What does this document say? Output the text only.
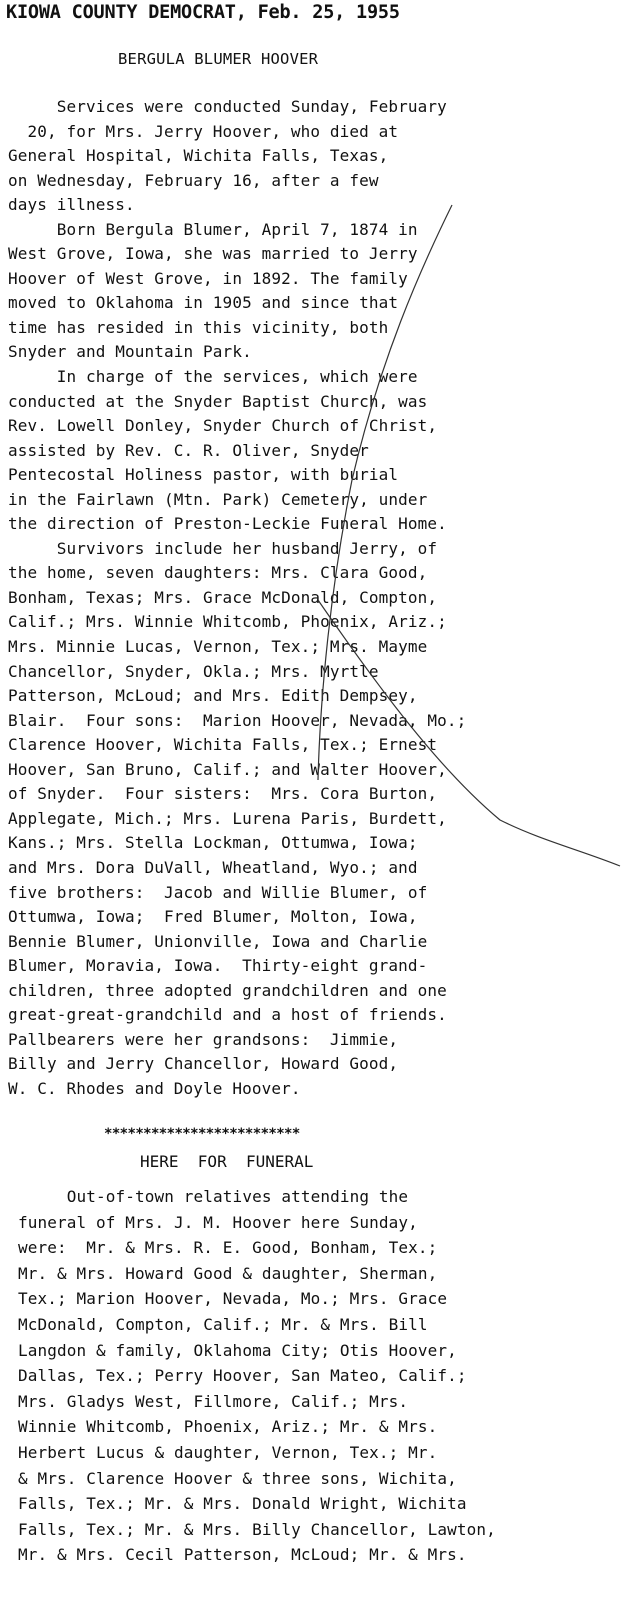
KIOWA COUNTY DEMOCRAT, Feb. 25, 1955
BERGULA BLUMER HOOVER
Services were conducted Sunday, February
20, for Mrs. Jerry Hoover, who died at
General Hospital, Wichita Falls, Texas,
on Wednesday, February 16, after a few
days illness.
Born Bergula Blumer, April 7, 1874 in
West Grove, Iowa, she was married to Jerry
Hoover of West Grove, in 1892. The family
moved to Oklahoma in 1905 and since that
time has resided in this vicinity, both
Snyder and Mountain Park.
In charge of the services, which were
conducted at the Snyder Baptist Church, was
Rev. Lowell Donley, Snyder Church of Christ,
assisted by Rev. C. R. Oliver, Snyder
Pentecostal Holiness pastor, with burial
in the Fairlawn (Mtn. Park) Cemetery, under
the direction of Preston-Leckie Funeral Home.
Survivors include her husband Jerry, of
the home, seven daughters: Mrs. Clara Good,
Bonham, Texas; Mrs. Grace McDonald, Compton,
Calif.; Mrs. Winnie Whitcomb, Phoenix, Ariz.;
Mrs. Minnie Lucas, Vernon, Tex.; Mrs. Mayme
Chancellor, Snyder, Okla.; Mrs. Myrtle
Patterson, McLoud; and Mrs. Edith Dempsey,
Blair.  Four sons:  Marion Hoover, Nevada, Mo.;
Clarence Hoover, Wichita Falls, Tex.; Ernest
Hoover, San Bruno, Calif.; and Walter Hoover,
of Snyder.  Four sisters:  Mrs. Cora Burton,
Applegate, Mich.; Mrs. Lurena Paris, Burdett,
Kans.; Mrs. Stella Lockman, Ottumwa, Iowa;
and Mrs. Dora DuVall, Wheatland, Wyo.; and
five brothers:  Jacob and Willie Blumer, of
Ottumwa, Iowa;  Fred Blumer, Molton, Iowa,
Bennie Blumer, Unionville, Iowa and Charlie
Blumer, Moravia, Iowa.  Thirty-eight grand-
children, three adopted grandchildren and one
great-great-grandchild and a host of friends.
Pallbearers were her grandsons:  Jimmie,
Billy and Jerry Chancellor, Howard Good,
W. C. Rhodes and Doyle Hoover.
*************************
HERE  FOR  FUNERAL
Out-of-town relatives attending the
funeral of Mrs. J. M. Hoover here Sunday,
were:  Mr. & Mrs. R. E. Good, Bonham, Tex.;
Mr. & Mrs. Howard Good & daughter, Sherman,
Tex.; Marion Hoover, Nevada, Mo.; Mrs. Grace
McDonald, Compton, Calif.; Mr. & Mrs. Bill
Langdon & family, Oklahoma City; Otis Hoover,
Dallas, Tex.; Perry Hoover, San Mateo, Calif.;
Mrs. Gladys West, Fillmore, Calif.; Mrs.
Winnie Whitcomb, Phoenix, Ariz.; Mr. & Mrs.
Herbert Lucus & daughter, Vernon, Tex.; Mr.
& Mrs. Clarence Hoover & three sons, Wichita,
Falls, Tex.; Mr. & Mrs. Donald Wright, Wichita
Falls, Tex.; Mr. & Mrs. Billy Chancellor, Lawton,
Mr. & Mrs. Cecil Patterson, McLoud; Mr. & Mrs.
